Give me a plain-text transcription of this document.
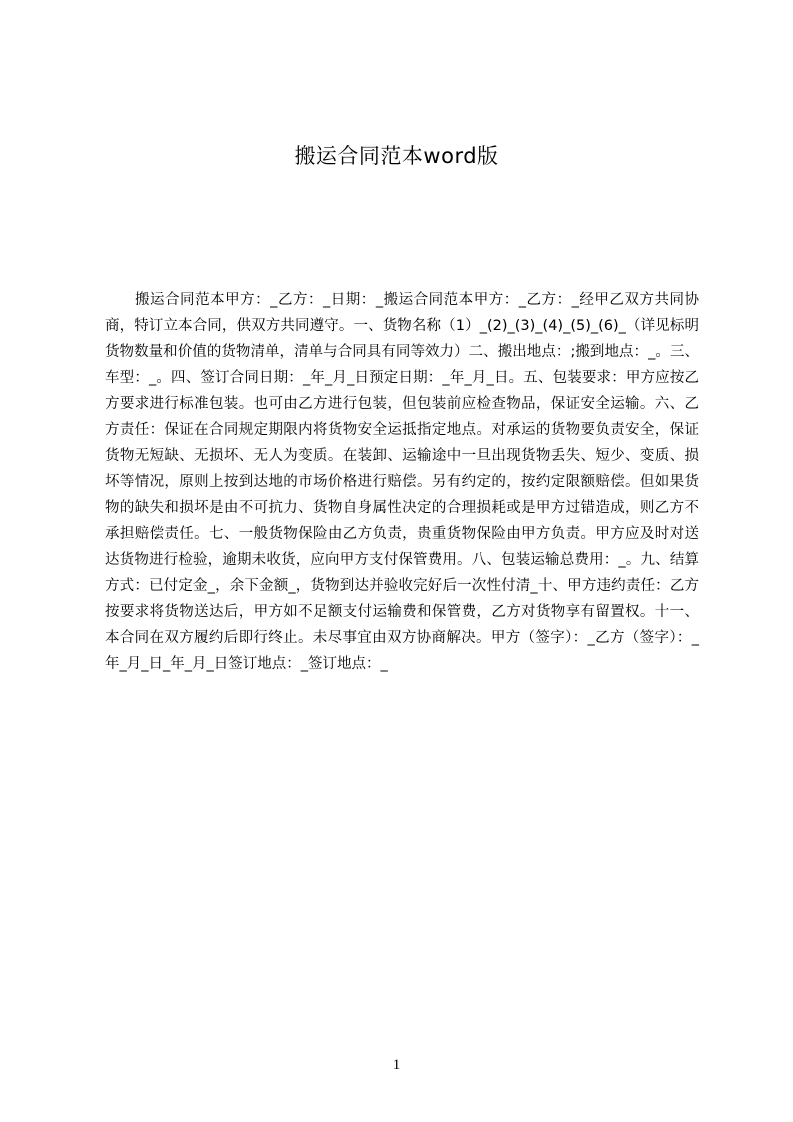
搬运合同范本word版

搬运合同范本甲方：_乙方：_日期：_搬运合同范本甲方：_乙方：_经甲乙双方共同协商，特订立本合同，供双方共同遵守。一、货物名称（1）_(2)_(3)_(4)_(5)_(6)_（详见标明货物数量和价值的货物清单，清单与合同具有同等效力）二、搬出地点：;搬到地点：_。三、车型：_。四、签订合同日期：_年_月_日预定日期：_年_月_日。五、包装要求：甲方应按乙方要求进行标准包装。也可由乙方进行包装，但包装前应检查物品，保证安全运输。六、乙方责任：保证在合同规定期限内将货物安全运抵指定地点。对承运的货物要负责安全，保证货物无短缺、无损坏、无人为变质。在装卸、运输途中一旦出现货物丢失、短少、变质、损坏等情况，原则上按到达地的市场价格进行赔偿。另有约定的，按约定限额赔偿。但如果货物的缺失和损坏是由不可抗力、货物自身属性决定的合理损耗或是甲方过错造成，则乙方不承担赔偿责任。七、一般货物保险由乙方负责，贵重货物保险由甲方负责。甲方应及时对送达货物进行检验，逾期未收货，应向甲方支付保管费用。八、包装运输总费用：_。九、结算方式：已付定金_，余下金额_，货物到达并验收完好后一次性付清_十、甲方违约责任：乙方按要求将货物送达后，甲方如不足额支付运输费和保管费，乙方对货物享有留置权。十一、本合同在双方履约后即行终止。未尽事宜由双方协商解决。甲方（签字）：_乙方（签字）：_年_月_日_年_月_日签订地点：_签订地点：_

1
